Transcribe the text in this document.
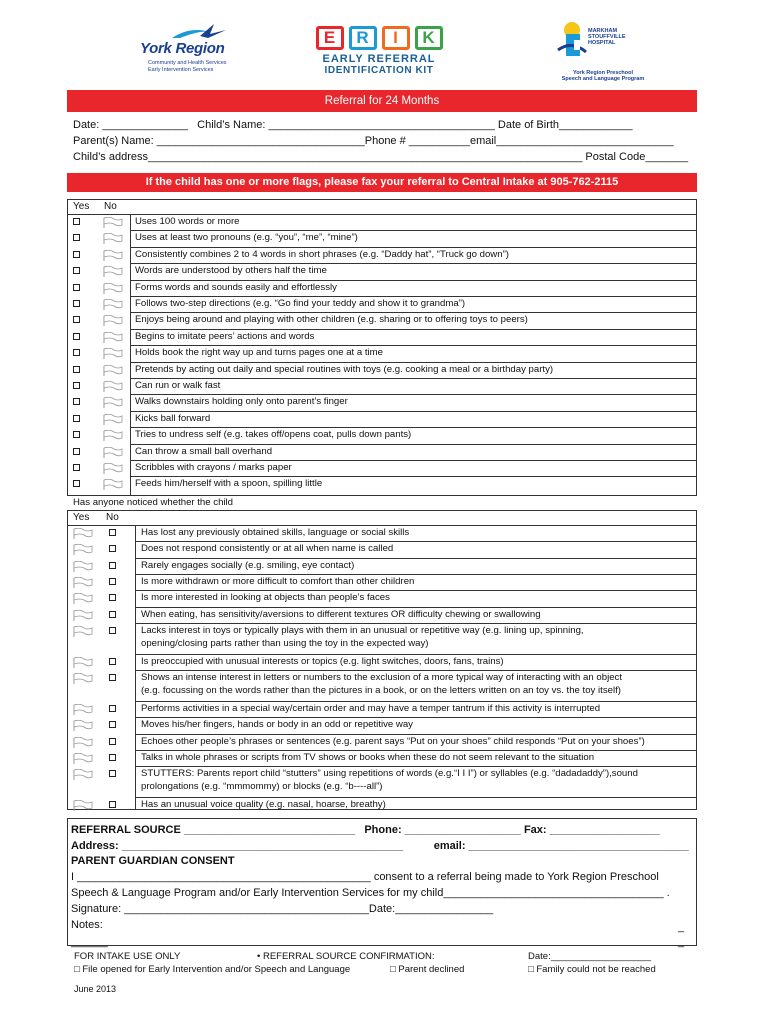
York Region
Community and Health Services
Early Intervention Services
E	R	I	K
EARLY REFERRAL
IDENTIFICATION KIT
MARKHAM
STOUFFVILLE
HOSPITAL
York Region Preschool
Speech and Language Program
Referral for 24 Months
Date: ______________   Child’s Name: _____________________________________ Date of Birth____________
Parent(s) Name: __________________________________Phone # __________email_____________________________
Child’s address_______________________________________________________________________ Postal Code_______
If the child has one or more flags, please fax your referral to Central Intake at 905-762-2115
Yes No
Uses 100 words or more
Uses at least two pronouns (e.g. “you”, “me”, “mine”)
Consistently combines 2 to 4 words in short phrases (e.g. “Daddy hat”, “Truck go down”)
Words are understood by others half the time
Forms words and sounds easily and effortlessly
Follows two-step directions (e.g. “Go find your teddy and show it to grandma”)
Enjoys being around and playing with other children (e.g. sharing or to offering toys to peers)
Begins to imitate peers’ actions and words
Holds book the right way up and turns pages one at a time
Pretends by acting out daily and special routines with toys (e.g. cooking a meal or a birthday party)
Can run or walk fast
Walks downstairs holding only onto parent’s finger
Kicks ball forward
Tries to undress self (e.g. takes off/opens coat, pulls down pants)
Can throw a small ball overhand
Scribbles with crayons / marks paper
Feeds him/herself with a spoon, spilling little
Has anyone noticed whether the child
Yes No
Has lost any previously obtained skills, language or social skills
Does not respond consistently or at all when name is called
Rarely engages socially (e.g. smiling, eye contact)
Is more withdrawn or more difficult to comfort than other children
Is more interested in looking at objects than people’s faces
When eating, has sensitivity/aversions to different textures OR difficulty chewing or swallowing
Lacks interest in toys or typically plays with them in an unusual or repetitive way (e.g. lining up, spinning,
opening/closing parts rather than using the toy in the expected way)
Is preoccupied with unusual interests or topics (e.g. light switches, doors, fans, trains)
Shows an intense interest in letters or numbers to the exclusion of a more typical way of interacting with an object
(e.g. focussing on the words rather than the pictures in a book, or on the letters written on an toy vs. the toy itself)
Performs activities in a special way/certain order and may have a temper tantrum if this activity is interrupted
Moves his/her fingers, hands or body in an odd or repetitive way
Echoes other people’s phrases or sentences (e.g. parent says “Put on your shoes” child responds “Put on your shoes”)
Talks in whole phrases or scripts from TV shows or books when these do not seem relevant to the situation
STUTTERS: Parents report child “stutters” using repetitions of words (e.g.“I I I”) or syllables (e.g. “dadadaddy”),sound
prolongations (e.g. “mmmommy) or blocks (e.g. “b----all”)
Has an unusual voice quality (e.g. nasal, hoarse, breathy)
REFERRAL SOURCE ____________________________   Phone: ___________________ Fax: __________________
Address: ______________________________________________          email: ____________________________________
PARENT GUARDIAN CONSENT
I ________________________________________________ consent to a referral being made to York Region Preschool
Speech & Language Program and/or Early Intervention Services for my child____________________________________ .
Signature: ________________________________________Date:________________
Notes:	_
______	_
FOR INTAKE USE ONLY	• REFERRAL SOURCE CONFIRMATION:	Date:___________________
□ File opened for Early Intervention and/or Speech and Language	□ Parent declined	□ Family could not be reached
June 2013
